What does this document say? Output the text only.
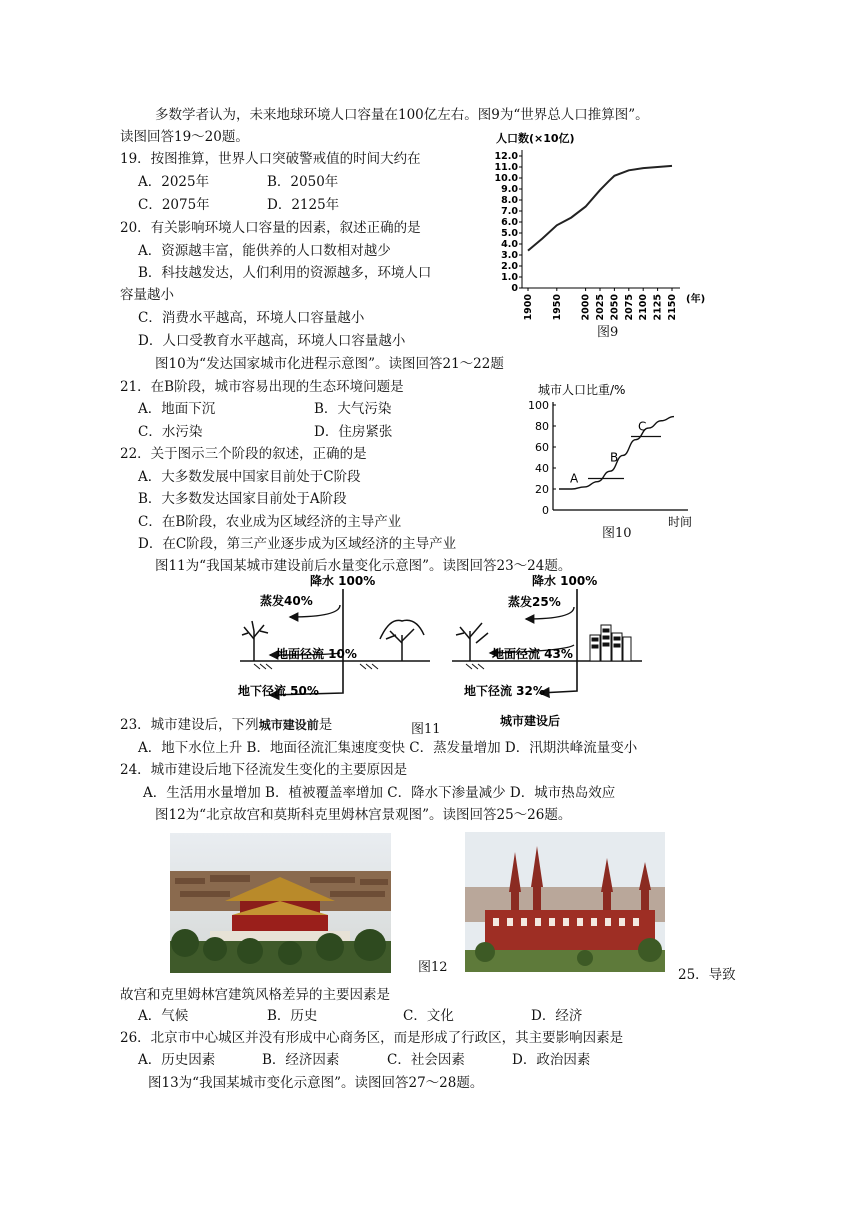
多数学者认为，未来地球环境人口容量在100亿左右。图9为“世界总人口推算图”。
读图回答19～20题。
19．按图推算，世界人口突破警戒值的时间大约在
A．2025年	B．2050年
C．2075年	D．2125年
20．有关影响环境人口容量的因素，叙述正确的是
A．资源越丰富，能供养的人口数相对越少
B．科技越发达，人们利用的资源越多，环境人口
容量越小
C．消费水平越高，环境人口容量越小
D．人口受教育水平越高，环境人口容量越小
人口数(×10亿)
0
1.0
2.0
3.0
4.0
5.0
6.0
7.0
8.0
9.0
10.0
11.0
12.0
1900 1950 2000 2025 2050 2075 2100 2125 2150 (年)
图9
图10为“发达国家城市化进程示意图”。读图回答21～22题
21．在B阶段，城市容易出现的生态环境问题是
A．地面下沉	B．大气污染
C．水污染	D．住房紧张
22．关于图示三个阶段的叙述，正确的是
A．大多数发展中国家目前处于C阶段
B．大多数发达国家目前处于A阶段
C．在B阶段，农业成为区域经济的主导产业
D．在C阶段，第三产业逐步成为区域经济的主导产业
城市人口比重/%
0
20
40
60
80
100
A
B
C
时间
图10
图11为“我国某城市建设前后水量变化示意图”。读图回答23～24题。
降水 100%
蒸发40%
地面径流 10%
地下径流 50%
降水 100%
蒸发25%
地面径流 43%
地下径流 32%
城市建设后
23．城市建设后，下列城市建设前是	图11
A．地下水位上升 B．地面径流汇集速度变快 C．蒸发量增加 D．汛期洪峰流量变小
24．城市建设后地下径流发生变化的主要原因是
A．生活用水量增加 B．植被覆盖率增加 C．降水下渗量减少 D．城市热岛效应
图12为“北京故宫和莫斯科克里姆林宫景观图”。读图回答25～26题。
图12	25．导致
故宫和克里姆林宫建筑风格差异的主要因素是
A．气候	B．历史	C．文化	D．经济
26．北京市中心城区并没有形成中心商务区，而是形成了行政区，其主要影响因素是
A．历史因素	B．经济因素	C．社会因素	D．政治因素
图13为“我国某城市变化示意图”。读图回答27～28题。
